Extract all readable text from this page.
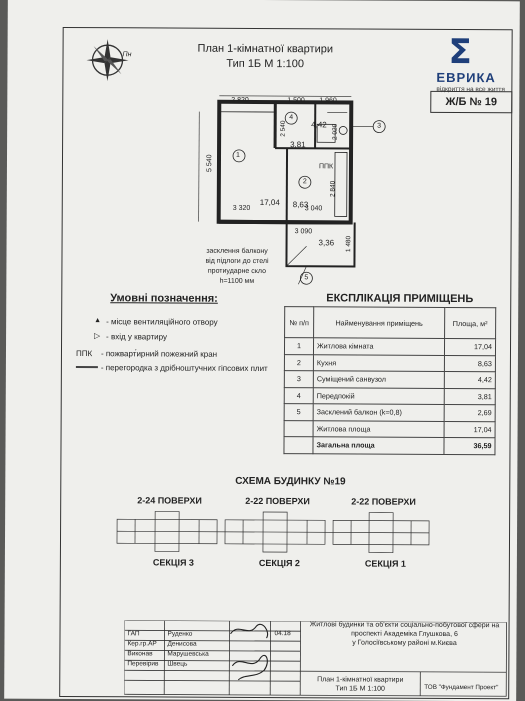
Пн	План 1-кімнатної квартири
Тип 1Б М 1:100	Σ
ЕВРИКА
відкриття на все життя
Ж/Б № 19
2 820	1 500 1 960
2 540	2 020
5 540
3 320	3 040
2 840
3 090
1 480
4,42
3,81
17,04 8,63
3,36
1
2
3
4
5
ППК
засклення балкону
від підлоги до стелі
протиударне скло
h=1100 мм
Умовні позначення:
▲ - місце вентиляційного отвору
▷ - вхід у квартиру
ППК - пожварт́ирний пожежний кран
- перегородка з дрібноштучних гіпсових плит
ЕКСПЛІКАЦІЯ ПРИМІЩЕНЬ
№ п/п	Найменування приміщень	Площа, м²
1	Житлова кімната	17,04
2	Кухня	8,63
3	Суміщений санвузол	4,42
4	Передпокій	3,81
5	Засклений балкон (k=0,8)	2,69
	Житлова площа	17,04
	Загальна площа	36,59
СХЕМА БУДИНКУ №19
2-24 ПОВЕРХИ	2-22 ПОВЕРХИ	2-22 ПОВЕРХИ
СЕКЦІЯ 3	СЕКЦІЯ 2	СЕКЦІЯ 1
ГАП
Кер.гр.АР
Виконав
Перевірив
Руденко
Денисова
Марушевська
Швець
04.18
Житлові будинки та об'єкти соціально-побутової сфери на
проспекті Академіка Глушкова, 6
у Голосіївському районі м.Києва
План 1-кімнатної квартири
Тип 1Б М 1:100	ТОВ "Фундамент Проект"
